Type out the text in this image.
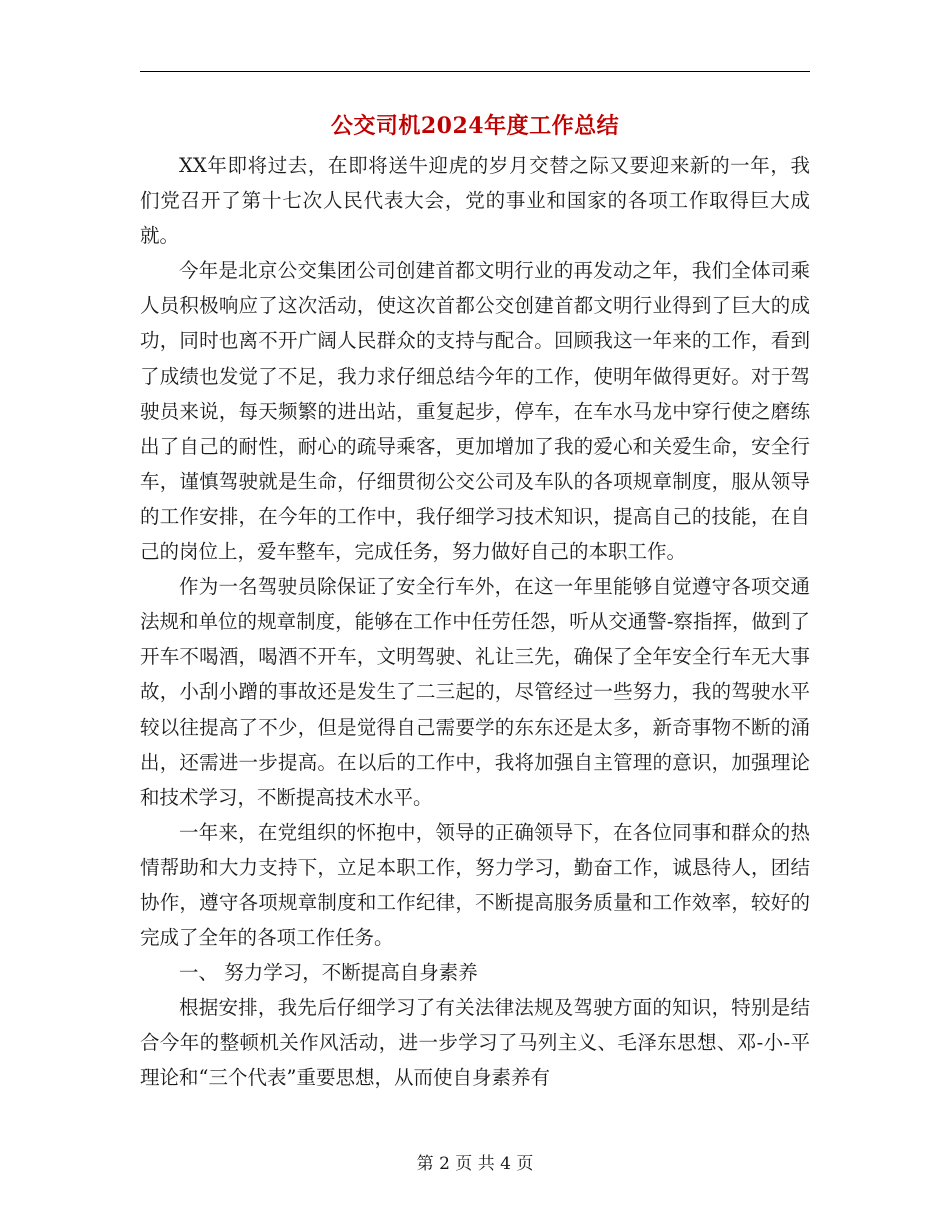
公交司机2024年度工作总结

XX年即将过去，在即将送牛迎虎的岁月交替之际又要迎来新的一年，我们党召开了第十七次人民代表大会，党的事业和国家的各项工作取得巨大成就。

今年是北京公交集团公司创建首都文明行业的再发动之年，我们全体司乘人员积极响应了这次活动，使这次首都公交创建首都文明行业得到了巨大的成功，同时也离不开广阔人民群众的支持与配合。回顾我这一年来的工作，看到了成绩也发觉了不足，我力求仔细总结今年的工作，使明年做得更好。对于驾驶员来说，每天频繁的进出站，重复起步，停车，在车水马龙中穿行使之磨练出了自己的耐性，耐心的疏导乘客，更加增加了我的爱心和关爱生命，安全行车，谨慎驾驶就是生命，仔细贯彻公交公司及车队的各项规章制度，服从领导的工作安排，在今年的工作中，我仔细学习技术知识，提高自己的技能，在自己的岗位上，爱车整车，完成任务，努力做好自己的本职工作。

作为一名驾驶员除保证了安全行车外，在这一年里能够自觉遵守各项交通法规和单位的规章制度，能够在工作中任劳任怨，听从交通警-察指挥，做到了开车不喝酒，喝酒不开车，文明驾驶、礼让三先，确保了全年安全行车无大事故，小刮小蹭的事故还是发生了二三起的，尽管经过一些努力，我的驾驶水平较以往提高了不少，但是觉得自己需要学的东东还是太多，新奇事物不断的涌出，还需进一步提高。在以后的工作中，我将加强自主管理的意识，加强理论和技术学习，不断提高技术水平。

一年来，在党组织的怀抱中，领导的正确领导下，在各位同事和群众的热情帮助和大力支持下，立足本职工作，努力学习，勤奋工作，诚恳待人，团结协作，遵守各项规章制度和工作纪律，不断提高服务质量和工作效率，较好的完成了全年的各项工作任务。

一、 努力学习，不断提高自身素养

根据安排，我先后仔细学习了有关法律法规及驾驶方面的知识，特别是结合今年的整顿机关作风活动，进一步学习了马列主义、毛泽东思想、邓-小-平理论和“三个代表”重要思想，从而使自身素养有

第 2 页 共 4 页
